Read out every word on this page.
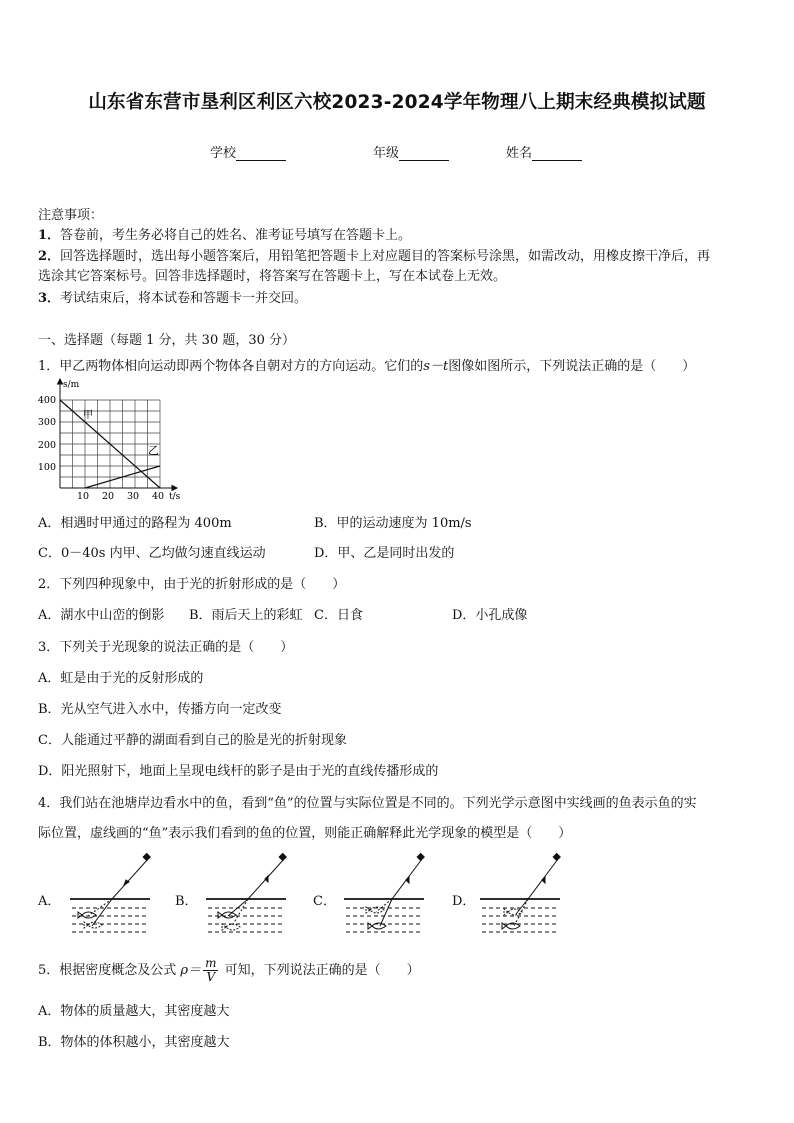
山东省东营市垦利区利区六校2023-2024学年物理八上期末经典模拟试题
学校	年级	姓名
注意事项：
1．答卷前，考生务必将自己的姓名、准考证号填写在答题卡上。
2．回答选择题时，选出每小题答案后，用铅笔把答题卡上对应题目的答案标号涂黑，如需改动，用橡皮擦干净后，再
选涂其它答案标号。回答非选择题时，将答案写在答题卡上，写在本试卷上无效。
3．考试结束后，将本试卷和答题卡一并交回。
一、选择题（每题 1 分，共 30 题，30 分）
1．甲乙两物体相向运动即两个物体各自朝对方的方向运动。它们的s－t图像如图所示，下列说法正确的是（　　）
s/m
t/s
400
300
200
100
10 20 30 40
甲
乙
A．相遇时甲通过的路程为 400m	B．甲的运动速度为 10m/s
C．0－40s 内甲、乙均做匀速直线运动	D．甲、乙是同时出发的
2．下列四种现象中，由于光的折射形成的是（　　）
A．湖水中山峦的倒影 B．雨后天上的彩虹 C．日食	D．小孔成像
3．下列关于光现象的说法正确的是（　　）
A．虹是由于光的反射形成的
B．光从空气进入水中，传播方向一定改变
C．人能通过平静的湖面看到自己的脸是光的折射现象
D．阳光照射下，地面上呈现电线杆的影子是由于光的直线传播形成的
4．我们站在池塘岸边看水中的鱼，看到“鱼”的位置与实际位置是不同的。下列光学示意图中实线画的鱼表示鱼的实
际位置，虚线画的“鱼”表示我们看到的鱼的位置，则能正确解释此光学现象的模型是（　　）
A．	B．	C．	D．
5．根据密度概念及公式 $\rho= \frac{m}{V}$ 可知，下列说法正确的是（　　）
A．物体的质量越大，其密度越大
B．物体的体积越小，其密度越大
